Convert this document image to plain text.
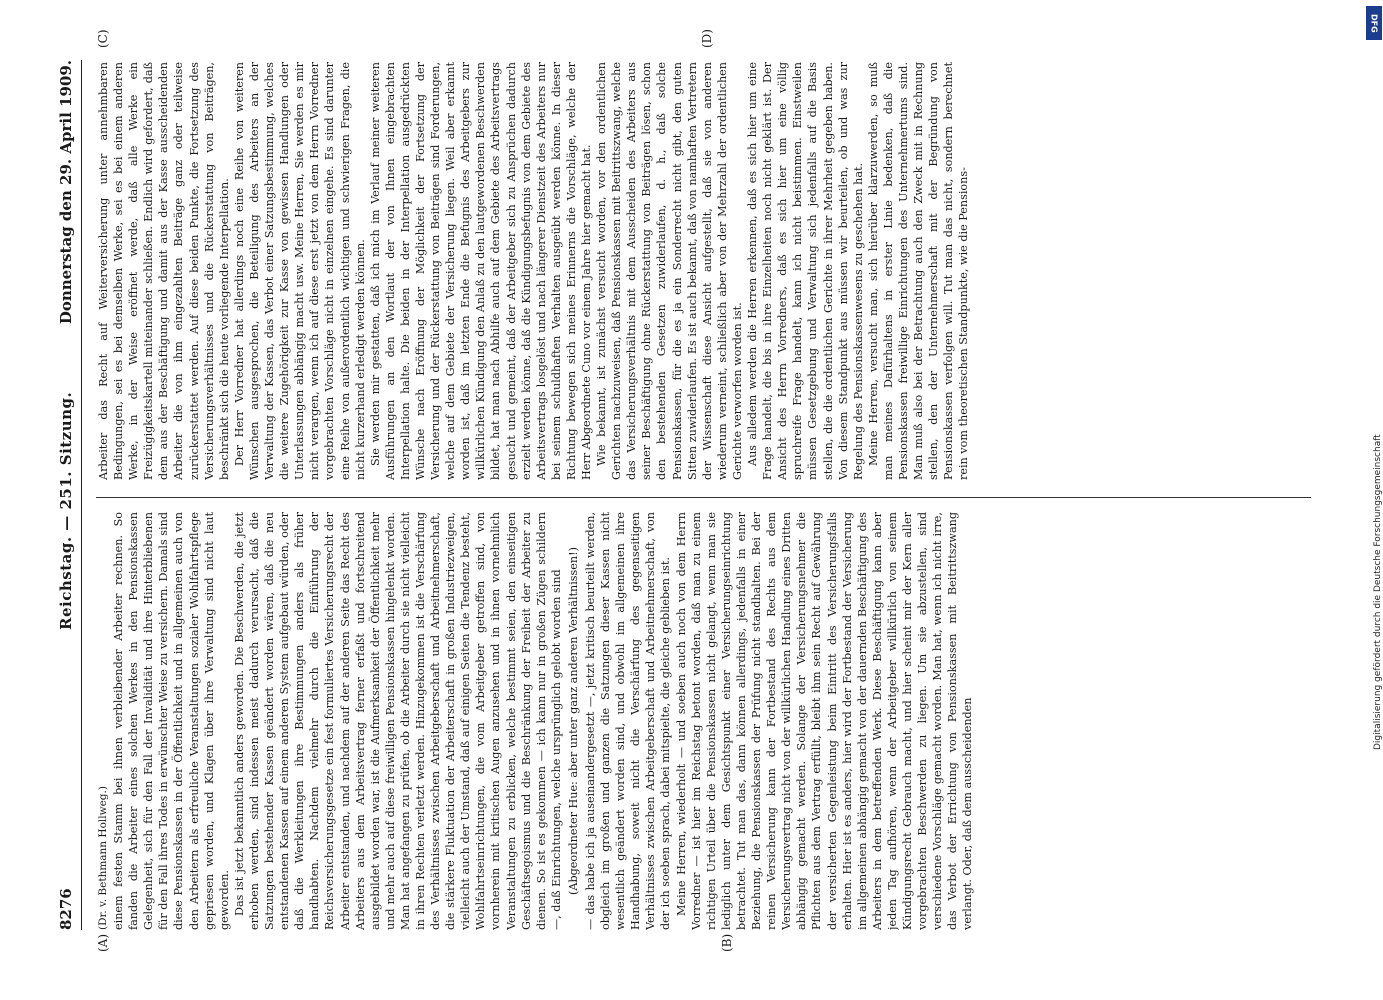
8276
Reichstag. — 251. Sitzung.
Donnerstag den 29. April 1909.
(A)	(B)
(C)	(D)

(Dr. v. Bethmann Hollweg.) einem festen Stamm bei ihnen verbleibender Arbeiter rechnen. So fanden die Arbeiter eines solchen Werkes in den Pensionskassen Gelegenheit, sich für den Fall der Invalidität und ihre Hinterbliebenen für den Fall ihres Todes in erwünschter Weise zu versichern. Damals sind diese Pensionskassen in der Öffentlichkeit und in allgemeinen auch von den Arbeitern als erfreuliche Veranstaltungen sozialer Wohlfahrtspflege gepriesen worden, und Klagen über ihre Verwaltung sind nicht laut geworden. Das ist jetzt bekanntlich anders geworden. Die Beschwerden, die jetzt erhoben werden, sind indessen meist dadurch verursacht, daß die Satzungen bestehender Kassen geändert worden wären, daß die neu entstandenen Kassen auf einem anderen System aufgebaut würden, oder daß die Werkleitungen ihre Bestimmungen anders als früher handhabten. Nachdem vielmehr durch die Einführung der Reichsversicherungsgesetze ein fest formuliertes Versicherungsrecht der Arbeiter entstanden, und nachdem auf der anderen Seite das Recht des Arbeiters aus dem Arbeitsvertrag ferner erfaßt und fortschreitend ausgebildet worden war, ist die Aufmerksamkeit der Öffentlichkeit mehr und mehr auch auf diese freiwilligen Pensionskassen hingelenkt worden. Man hat angefangen zu prüfen, ob die Arbeiter durch sie nicht vielleicht in ihren Rechten verletzt werden. Hinzugekommen ist die Verschärfung des Verhältnisses zwischen Arbeitgeberschaft und Arbeitnehmerschaft, die stärkere Fluktuation der Arbeiterschaft in großen Industriezweigen, vielleicht auch der Umstand, daß auf einigen Seiten die Tendenz besteht, Wohlfahrtseinrichtungen, die vom Arbeitgeber getroffen sind, von vornherein mit kritischen Augen anzusehen und in ihnen vornehmlich Veranstaltungen zu erblicken, welche bestimmt seien, den einseitigen Geschäftsegoismus und die Beschränkung der Freiheit der Arbeiter zu dienen. So ist es gekommen — ich kann nur in großen Zügen schildern —, daß Einrichtungen, welche ursprünglich gelobt worden sind (Abgeordneter Hue: aber unter ganz anderen Verhältnissen!) — das habe ich ja auseinandergesetzt —, jetzt kritisch beurteilt werden, obgleich im großen und ganzen die Satzungen dieser Kassen nicht wesentlich geändert worden sind, und obwohl im allgemeinen ihre Handhabung, soweit nicht die Verschärfung des gegenseitigen Verhältnisses zwischen Arbeitgeberschaft und Arbeitnehmerschaft, von der ich soeben sprach, dabei mitspielte, die gleiche geblieben ist. Meine Herren, wiederholt — und soeben auch noch von dem Herrn Vorredner — ist hier im Reichstag betont worden, daß man zu einem richtigen Urteil über die Pensionskassen nicht gelangt, wenn man sie lediglich unter dem Gesichtspunkt einer Versicherungseinrichtung betrachtet. Tut man das, dann können allerdings, jedenfalls in einer Beziehung, die Pensionskassen der Prüfung nicht standhalten. Bei der reinen Versicherung kann der Fortbestand des Rechts aus dem Versicherungsvertrag nicht von der willkürlichen Handlung eines Dritten abhängig gemacht werden. Solange der Versicherungsnehmer die Pflichten aus dem Vertrag erfüllt, bleibt ihm sein Recht auf Gewährung der versicherten Gegenleistung beim Eintritt des Versicherungsfalls erhalten. Hier ist es anders, hier wird der Fortbestand der Versicherung im allgemeinen abhängig gemacht von der dauernden Beschäftigung des Arbeiters in dem betreffenden Werk. Diese Beschäftigung kann aber jeden Tag aufhören, wenn der Arbeitgeber willkürlich von seinem Kündigungsrecht Gebrauch macht, und hier scheint mir der Kern aller vorgebrachten Beschwerden zu liegen. Um sie abzustellen, sind verschiedene Vorschläge gemacht worden. Man hat, wenn ich nicht irre, das Verbot der Errichtung von Pensionskassen mit Beitrittszwang verlangt. Oder, daß dem ausscheidenden

Arbeiter das Recht auf Weiterversicherung unter annehmbaren Bedingungen, sei es bei demselben Werke, sei es bei einem anderen Werke, in der Weise eröffnet werde, daß alle Werke ein Freizügigkeitskartell miteinander schließen. Endlich wird gefordert, daß dem aus der Beschäftigung und damit aus der Kasse ausscheidenden Arbeiter die von ihm eingezahlten Beiträge ganz oder teilweise zurückerstattet werden. Auf diese beiden Punkte, die Fortsetzung des Versicherungsverhältnisses und die Rückerstattung von Beiträgen, beschränkt sich die heute vorliegende Interpellation. Der Herr Vorredner hat allerdings noch eine Reihe von weiteren Wünschen ausgesprochen, die Beteiligung des Arbeiters an der Verwaltung der Kassen, das Verbot einer Satzungsbestimmung, welches die weitere Zugehörigkeit zur Kasse von gewissen Handlungen oder Unterlassungen abhängig macht usw. Meine Herren, Sie werden es mir nicht verargen, wenn ich auf diese erst jetzt von dem Herrn Vorredner vorgebrachten Vorschläge nicht in einzelnen eingehe. Es sind darunter eine Reihe von außerordentlich wichtigen und schwierigen Fragen, die nicht kurzerhand erledigt werden können. Sie werden mir gestatten, daß ich mich im Verlauf meiner weiteren Ausführungen an den Wortlaut der von Ihnen eingebrachten Interpellation halte. Die beiden in der Interpellation ausgedrückten Wünsche nach Eröffnung der Möglichkeit der Fortsetzung der Versicherung und der Rückerstattung von Beiträgen sind Forderungen, welche auf dem Gebiete der Versicherung liegen. Weil aber erkannt worden ist, daß im letzten Ende die Befugnis des Arbeitgebers zur willkürlichen Kündigung den Anlaß zu den lautgewordenen Beschwerden bildet, hat man nach Abhilfe auch auf dem Gebiete des Arbeitsvertrags gesucht und gemeint, daß der Arbeitgeber sich zu Ansprüchen dadurch erzielt werden könne, daß die Kündigungsbefugnis von dem Gebiete des Arbeitsvertrags losgelöst und nach längerer Dienstzeit des Arbeiters nur bei seinem schuldhaften Verhalten ausgeübt werden könne. In dieser Richtung bewegen sich meines Erinnerns die Vorschläge, welche der Herr Abgeordnete Cuno vor einem Jahre hier gemacht hat. Wie bekannt, ist zunächst versucht worden, vor den ordentlichen Gerichten nachzuweisen, daß Pensionskassen mit Beitrittszwang, welche das Versicherungsverhältnis mit dem Ausscheiden des Arbeiters aus seiner Beschäftigung ohne Rückerstattung von Beiträgen lösen, schon den bestehenden Gesetzen zuwiderlaufen, d. h., daß solche Pensionskassen, für die es ja ein Sonderrecht nicht gibt, den guten Sitten zuwiderlaufen. Es ist auch bekannt, daß von namhaften Vertretern der Wissenschaft diese Ansicht aufgestellt, daß sie von anderen wiederum verneint, schließlich aber von der Mehrzahl der ordentlichen Gerichte verworfen worden ist. Aus alledem werden die Herren erkennen, daß es sich hier um eine Frage handelt, die bis in ihre Einzelheiten noch nicht geklärt ist. Der Ansicht des Herrn Vorredners, daß es sich hier um eine völlig spruchreife Frage handelt, kann ich nicht beistimmen. Einstweilen müssen Gesetzgebung und Verwaltung sich jedenfalls auf die Basis stellen, die die ordentlichen Gerichte in ihrer Mehrheit gegeben haben. Von diesem Standpunkt aus müssen wir beurteilen, ob und was zur Regelung des Pensionskassenwesens zu geschehen hat. Meine Herren, versucht man, sich hierüber klarzuwerden, so muß man meines Dafürhaltens in erster Linie bedenken, daß die Pensionskassen freiwillige Einrichtungen des Unternehmertums sind. Man muß also bei der Betrachtung auch den Zweck mit in Rechnung stellen, den der Unternehmerschaft mit der Begründung von Pensionskassen verfolgen will. Tut man das nicht, sondern berechnet rein vom theoretischen Standpunkte, wie die Pensions-

DFG
Digitalisierung gefördert durch die Deutsche Forschungsgemeinschaft
